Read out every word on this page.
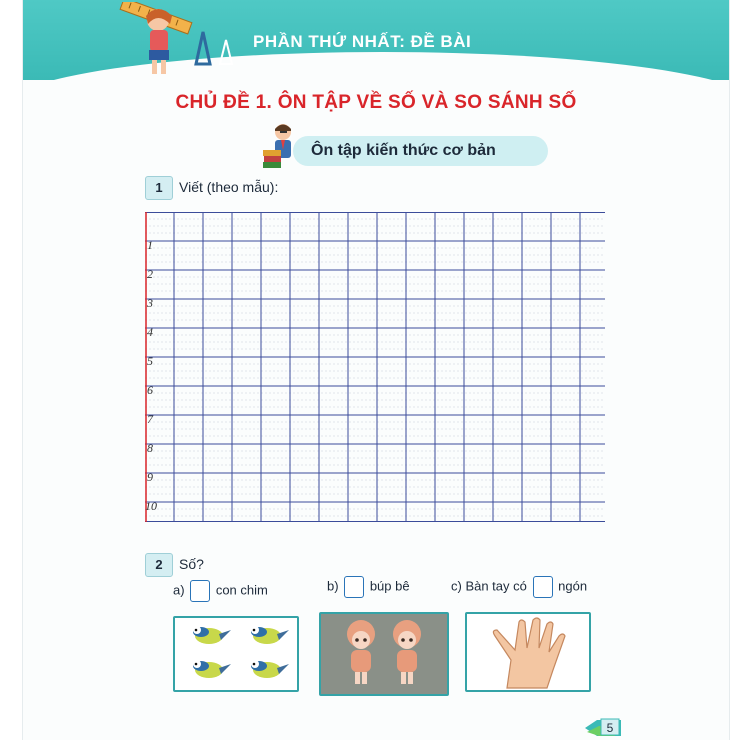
PHẦN THỨ NHẤT: ĐỀ BÀI
CHỦ ĐỀ 1. ÔN TẬP VỀ SỐ VÀ SO SÁNH SỐ
Ôn tập kiến thức cơ bản
1	Viết (theo mẫu):
1
2
3
4
5
6
7
8
9
10
2	Số?
a) con chim	b) búp bê	c) Bàn tay có ngón
5
